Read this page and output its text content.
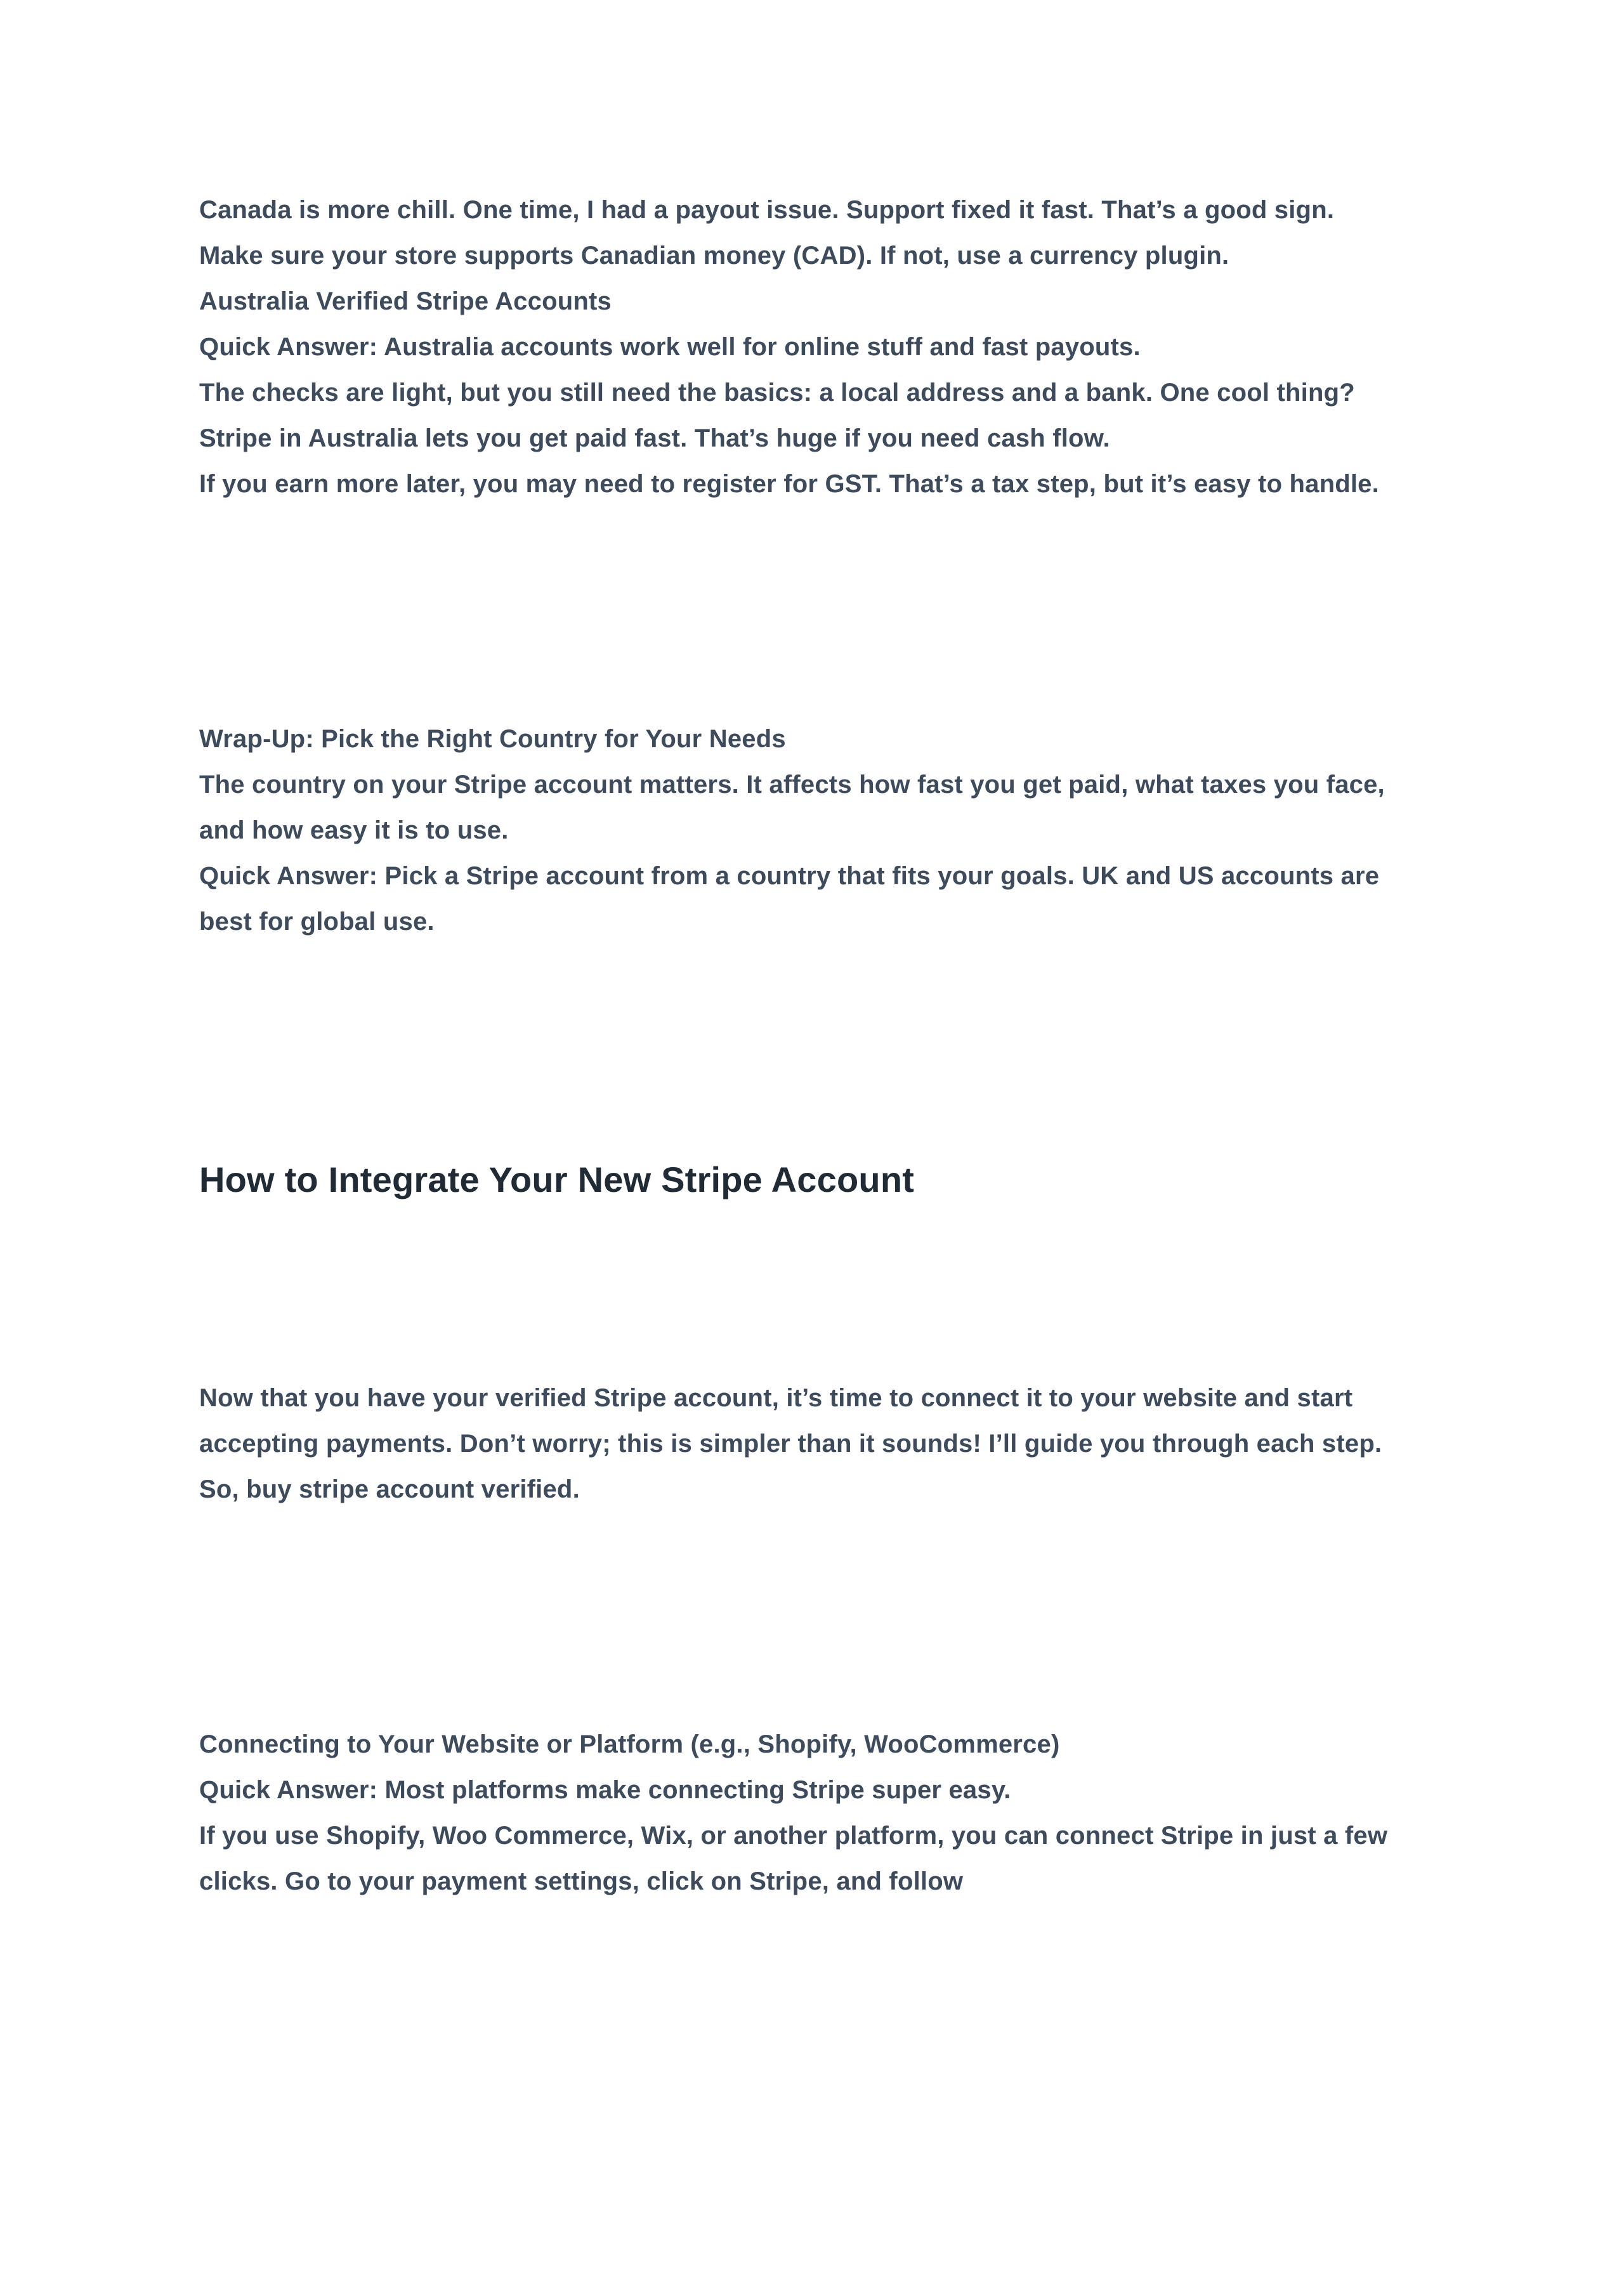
Canada is more chill. One time, I had a payout issue. Support fixed it fast. That’s a good sign.

Make sure your store supports Canadian money (CAD). If not, use a currency plugin.

Australia Verified Stripe Accounts

Quick Answer: Australia accounts work well for online stuff and fast payouts.

The checks are light, but you still need the basics: a local address and a bank. One cool thing? Stripe in Australia lets you get paid fast. That’s huge if you need cash flow.

If you earn more later, you may need to register for GST. That’s a tax step, but it’s easy to handle.

Wrap-Up: Pick the Right Country for Your Needs

The country on your Stripe account matters. It affects how fast you get paid, what taxes you face, and how easy it is to use.

Quick Answer: Pick a Stripe account from a country that fits your goals. UK and US accounts are best for global use.

How to Integrate Your New Stripe Account

Now that you have your verified Stripe account, it’s time to connect it to your website and start accepting payments. Don’t worry; this is simpler than it sounds! I’ll guide you through each step. So, buy stripe account verified.

Connecting to Your Website or Platform (e.g., Shopify, WooCommerce)

Quick Answer: Most platforms make connecting Stripe super easy.

If you use Shopify, Woo Commerce, Wix, or another platform, you can connect Stripe in just a few clicks. Go to your payment settings, click on Stripe, and follow
